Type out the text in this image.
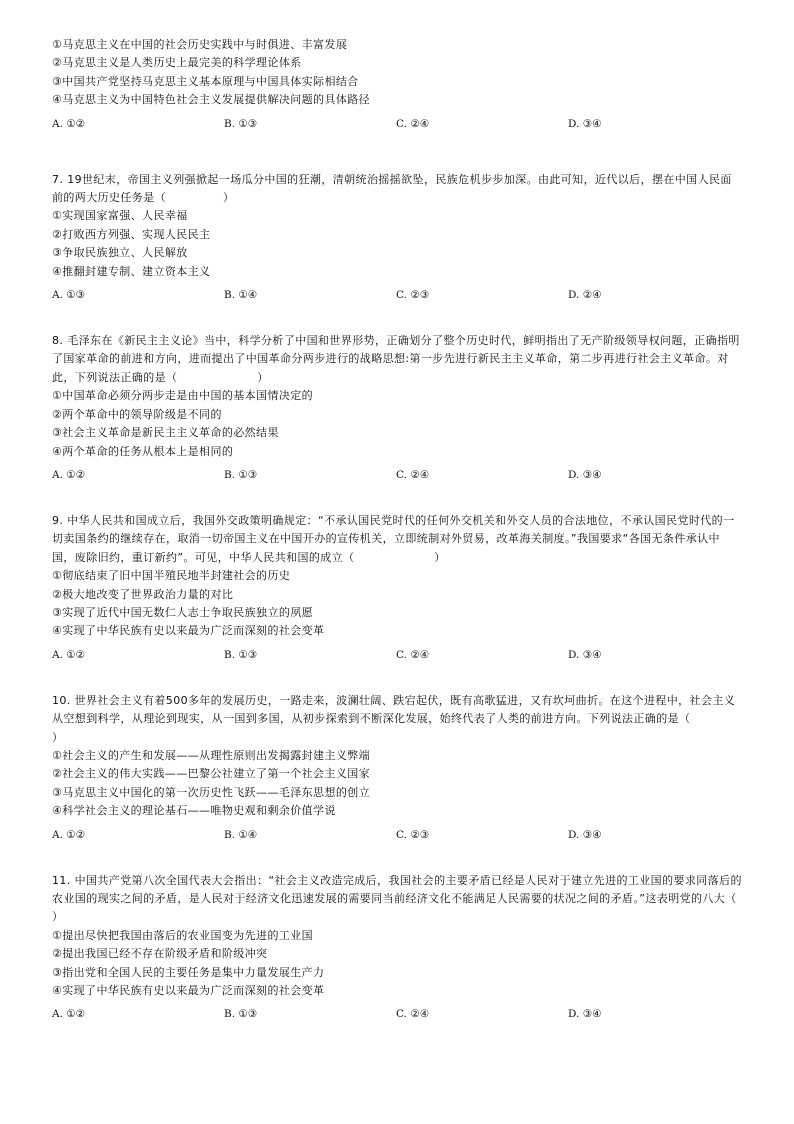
①马克思主义在中国的社会历史实践中与时俱进、丰富发展
②马克思主义是人类历史上最完美的科学理论体系
③中国共产党坚持马克思主义基本原理与中国具体实际相结合
④马克思主义为中国特色社会主义发展提供解决问题的具体路径
A. ①②	B. ①③	C. ②④	D. ③④
7. 19世纪末，帝国主义列强掀起一场瓜分中国的狂潮，清朝统治摇摇欲坠，民族危机步步加深。由此可知，近代以后，摆在中国人民面前的两大历史任务是（　　　　　）
①实现国家富强、人民幸福
②打败西方列强、实现人民民主
③争取民族独立、人民解放
④推翻封建专制、建立资本主义
A. ①③	B. ①④	C. ②③	D. ②④
8. 毛泽东在《新民主主义论》当中，科学分析了中国和世界形势，正确划分了整个历史时代，鲜明指出了无产阶级领导权问题，正确指明了国家革命的前进和方向，进而提出了中国革命分两步进行的战略思想:第一步先进行新民主主义革命，第二步再进行社会主义革命。对此，下列说法正确的是（　　　　　　　）
①中国革命必须分两步走是由中国的基本国情决定的
②两个革命中的领导阶级是不同的
③社会主义革命是新民主主义革命的必然结果
④两个革命的任务从根本上是相同的
A. ①②	B. ①③	C. ②④	D. ③④
9. 中华人民共和国成立后，我国外交政策明确规定：“不承认国民党时代的任何外交机关和外交人员的合法地位，不承认国民党时代的一切卖国条约的继续存在，取消一切帝国主义在中国开办的宣传机关，立即统制对外贸易，改革海关制度。”我国要求“各国无条件承认中国，废除旧约，重订新约”。可见，中华人民共和国的成立（　　　　　　　）
①彻底结束了旧中国半殖民地半封建社会的历史
②极大地改变了世界政治力量的对比
③实现了近代中国无数仁人志士争取民族独立的夙愿
④实现了中华民族有史以来最为广泛而深刻的社会变革
A. ①②	B. ①③	C. ②④	D. ③④
10. 世界社会主义有着500多年的发展历史，一路走来，波澜壮阔、跌宕起伏，既有高歌猛进，又有坎坷曲折。在这个进程中，社会主义从空想到科学，从理论到现实，从一国到多国，从初步探索到不断深化发展，始终代表了人类的前进方向。下列说法正确的是（　　　　　）
①社会主义的产生和发展——从理性原则出发揭露封建主义弊端
②社会主义的伟大实践——巴黎公社建立了第一个社会主义国家
③马克思主义中国化的第一次历史性飞跃——毛泽东思想的创立
④科学社会主义的理论基石——唯物史观和剩余价值学说
A. ①②	B. ①④	C. ②③	D. ③④
11. 中国共产党第八次全国代表大会指出：“社会主义改造完成后，我国社会的主要矛盾已经是人民对于建立先进的工业国的要求同落后的农业国的现实之间的矛盾，是人民对于经济文化迅速发展的需要同当前经济文化不能满足人民需要的状况之间的矛盾。”这表明党的八大（　　　　　）
①提出尽快把我国由落后的农业国变为先进的工业国
②提出我国已经不存在阶级矛盾和阶级冲突
③指出党和全国人民的主要任务是集中力量发展生产力
④实现了中华民族有史以来最为广泛而深刻的社会变革
A. ①②	B. ①③	C. ②④	D. ③④
